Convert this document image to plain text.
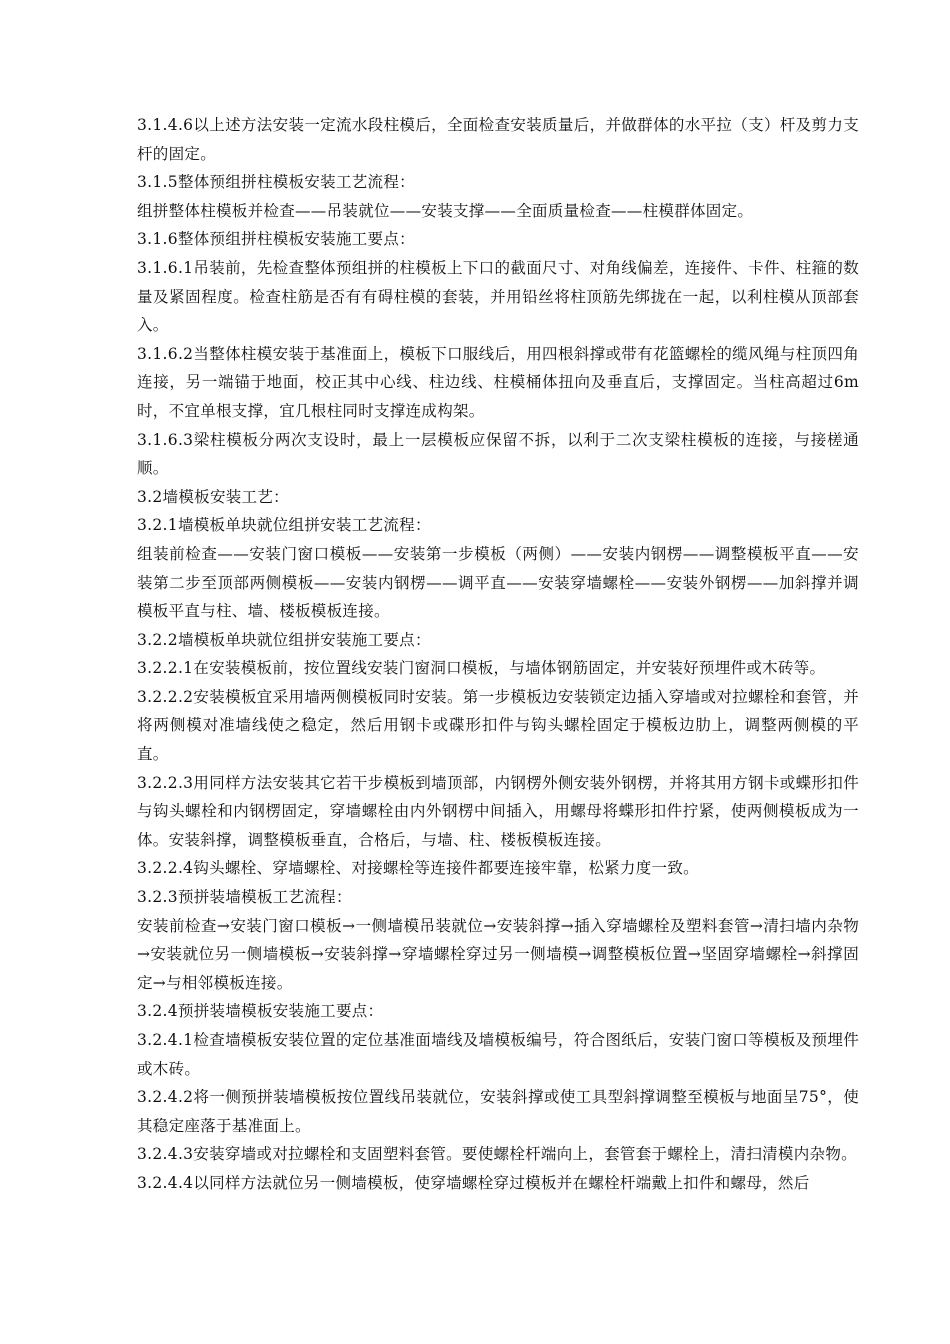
3.1.4.6以上述方法安装一定流水段柱模后，全面检查安装质量后，并做群体的水平拉（支）杆及剪力支杆的固定。

3.1.5整体预组拼柱模板安装工艺流程：

组拼整体柱模板并检查——吊装就位——安装支撑——全面质量检查——柱模群体固定。

3.1.6整体预组拼柱模板安装施工要点：

3.1.6.1吊装前，先检查整体预组拼的柱模板上下口的截面尺寸、对角线偏差，连接件、卡件、柱箍的数量及紧固程度。检查柱筋是否有有碍柱模的套装，并用铅丝将柱顶筋先绑拢在一起，以利柱模从顶部套入。

3.1.6.2当整体柱模安装于基准面上，模板下口服线后，用四根斜撑或带有花篮螺栓的缆风绳与柱顶四角连接，另一端锚于地面，校正其中心线、柱边线、柱模桶体扭向及垂直后，支撑固定。当柱高超过6m时，不宜单根支撑，宜几根柱同时支撑连成构架。

3.1.6.3梁柱模板分两次支设时，最上一层模板应保留不拆，以利于二次支梁柱模板的连接，与接槎通顺。

3.2墙模板安装工艺：

3.2.1墙模板单块就位组拼安装工艺流程：

组装前检查——安装门窗口模板——安装第一步模板（两侧）——安装内钢楞——调整模板平直——安装第二步至顶部两侧模板——安装内钢楞——调平直——安装穿墙螺栓——安装外钢楞——加斜撑并调模板平直与柱、墙、楼板模板连接。

3.2.2墙模板单块就位组拼安装施工要点：

3.2.2.1在安装模板前，按位置线安装门窗洞口模板，与墙体钢筋固定，并安装好预埋件或木砖等。

3.2.2.2安装模板宜采用墙两侧模板同时安装。第一步模板边安装锁定边插入穿墙或对拉螺栓和套管，并将两侧模对准墙线使之稳定，然后用钢卡或碟形扣件与钩头螺栓固定于模板边肋上，调整两侧模的平直。

3.2.2.3用同样方法安装其它若干步模板到墙顶部，内钢楞外侧安装外钢楞，并将其用方钢卡或蝶形扣件与钩头螺栓和内钢楞固定，穿墙螺栓由内外钢楞中间插入，用螺母将蝶形扣件拧紧，使两侧模板成为一体。安装斜撑，调整模板垂直，合格后，与墙、柱、楼板模板连接。

3.2.2.4钩头螺栓、穿墙螺栓、对接螺栓等连接件都要连接牢靠，松紧力度一致。

3.2.3预拼装墙模板工艺流程：

安装前检查→安装门窗口模板→一侧墙模吊装就位→安装斜撑→插入穿墙螺栓及塑料套管→清扫墙内杂物→安装就位另一侧墙模板→安装斜撑→穿墙螺栓穿过另一侧墙模→调整模板位置→坚固穿墙螺栓→斜撑固定→与相邻模板连接。

3.2.4预拼装墙模板安装施工要点：

3.2.4.1检查墙模板安装位置的定位基准面墙线及墙模板编号，符合图纸后，安装门窗口等模板及预埋件或木砖。

3.2.4.2将一侧预拼装墙模板按位置线吊装就位，安装斜撑或使工具型斜撑调整至模板与地面呈75°，使其稳定座落于基准面上。

3.2.4.3安装穿墙或对拉螺栓和支固塑料套管。要使螺栓杆端向上，套管套于螺栓上，清扫清模内杂物。

3.2.4.4以同样方法就位另一侧墙模板，使穿墙螺栓穿过模板并在螺栓杆端戴上扣件和螺母，然后
